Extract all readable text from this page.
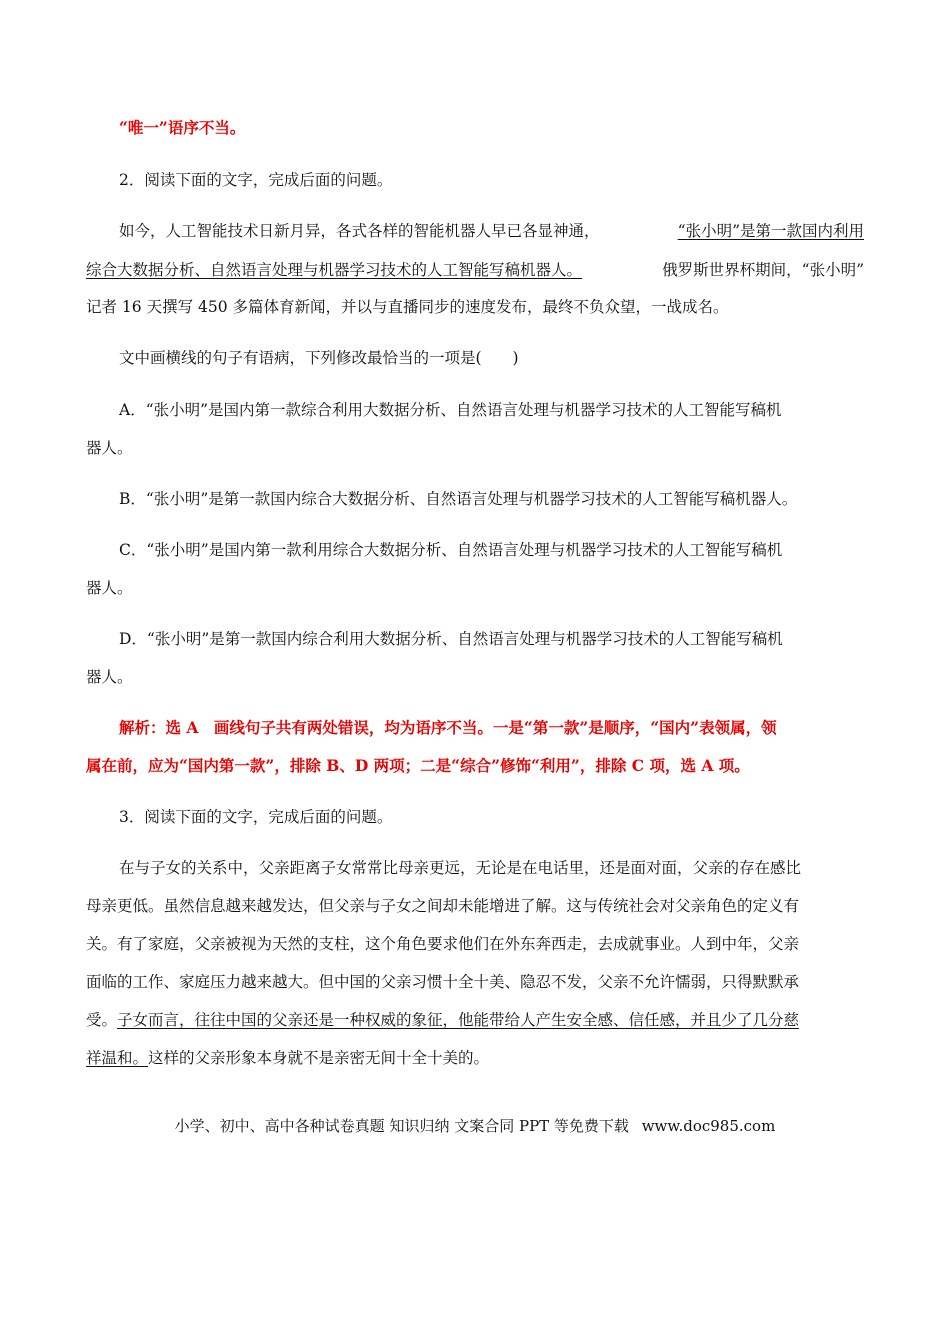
“唯一”语序不当。
2．阅读下面的文字，完成后面的问题。
如今，人工智能技术日新月异，各式各样的智能机器人早已各显神通，	“张小明”是第一款国内利用
综合大数据分析、自然语言处理与机器学习技术的人工智能写稿机器人。	俄罗斯世界杯期间，“张小明”
记者 16 天撰写 450 多篇体育新闻，并以与直播同步的速度发布，最终不负众望，一战成名。
文中画横线的句子有语病，下列修改最恰当的一项是(　　)
A．“张小明”是国内第一款综合利用大数据分析、自然语言处理与机器学习技术的人工智能写稿机
器人。
B．“张小明”是第一款国内综合大数据分析、自然语言处理与机器学习技术的人工智能写稿机器人。
C．“张小明”是国内第一款利用综合大数据分析、自然语言处理与机器学习技术的人工智能写稿机
器人。
D．“张小明”是第一款国内综合利用大数据分析、自然语言处理与机器学习技术的人工智能写稿机
器人。
解析：选 A　画线句子共有两处错误，均为语序不当。一是“第一款”是顺序，“国内”表领属，领
属在前，应为“国内第一款”，排除 B、D 两项；二是“综合”修饰“利用”，排除 C 项，选 A 项。
3．阅读下面的文字，完成后面的问题。
在与子女的关系中，父亲距离子女常常比母亲更远，无论是在电话里，还是面对面，父亲的存在感比
母亲更低。虽然信息越来越发达，但父亲与子女之间却未能增进了解。这与传统社会对父亲角色的定义有
关。有了家庭，父亲被视为天然的支柱，这个角色要求他们在外东奔西走，去成就事业。人到中年，父亲
面临的工作、家庭压力越来越大。但中国的父亲习惯十全十美、隐忍不发，父亲不允许懦弱，只得默默承
受。子女而言，往往中国的父亲还是一种权威的象征，他能带给人产生安全感、信任感，并且少了几分慈
祥温和。这样的父亲形象本身就不是亲密无间十全十美的。
小学、初中、高中各种试卷真题 知识归纳 文案合同 PPT 等免费下载 www.doc985.com
